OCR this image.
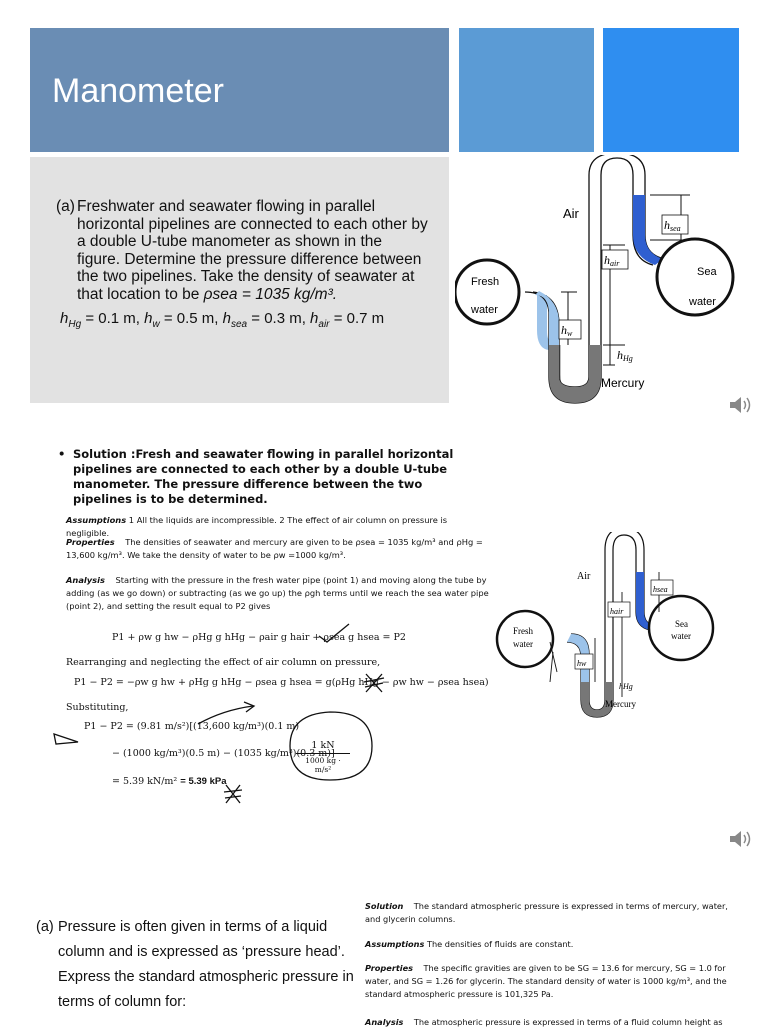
Manometer
(a) Freshwater and seawater flowing in parallel horizontal pipelines are connected to each other by a double U-tube manometer as shown in the figure. Determine the pressure difference between the two pipelines. Take the density of seawater at that location to be ρsea = 1035 kg/m³.
$h_{Hg} = 0.1$ m, $h_w = 0.5$ m, $h_{sea} = 0.3$ m, $h_{air} = 0.7$ m
Air
Fresh
water
Sea
water
Mercury
hsea
hair
hw
hHg
• Solution :Fresh and seawater flowing in parallel horizontal pipelines are connected to each other by a double U-tube manometer. The pressure difference between the two pipelines is to be determined.
Assumptions 1 All the liquids are incompressible. 2 The effect of air column on pressure is negligible.
Properties The densities of seawater and mercury are given to be ρsea = 1035 kg/m³ and ρHg = 13,600 kg/m³. We take the density of water to be ρw =1000 kg/m³.
Analysis Starting with the pressure in the fresh water pipe (point 1) and moving along the tube by adding (as we go down) or subtracting (as we go up) the ρgh terms until we reach the sea water pipe (point 2), and setting the result equal to P2 gives
P1 + ρw g hw − ρHg g hHg − ρair g hair + ρsea g hsea = P2
Rearranging and neglecting the effect of air column on pressure,
P1 − P2 = −ρw g hw + ρHg g hHg − ρsea g hsea = g(ρHg hHg − ρw hw − ρsea hsea)
Substituting,
P1 − P2 = (9.81 m/s²)[(13,600 kg/m³)(0.1 m)
− (1000 kg/m³)(0.5 m) − (1035 kg/m³)(0.3 m)]
1 kN
1000 kg · m/s²
= 5.39 kN/m² = 5.39 kPa
Air
Fresh
water
Sea
water
Mercury
hsea
hair
hw
hHg
(a) Pressure is often given in terms of a liquid column and is expressed as ‘pressure head’. Express the standard atmospheric pressure in terms of column for:
Solution The standard atmospheric pressure is expressed in terms of mercury, water, and glycerin columns.
Assumptions The densities of fluids are constant.
Properties The specific gravities are given to be SG = 13.6 for mercury, SG = 1.0 for water, and SG = 1.26 for glycerin. The standard density of water is 1000 kg/m³, and the standard atmospheric pressure is 101,325 Pa.
Analysis The atmospheric pressure is expressed in terms of a fluid column height as
